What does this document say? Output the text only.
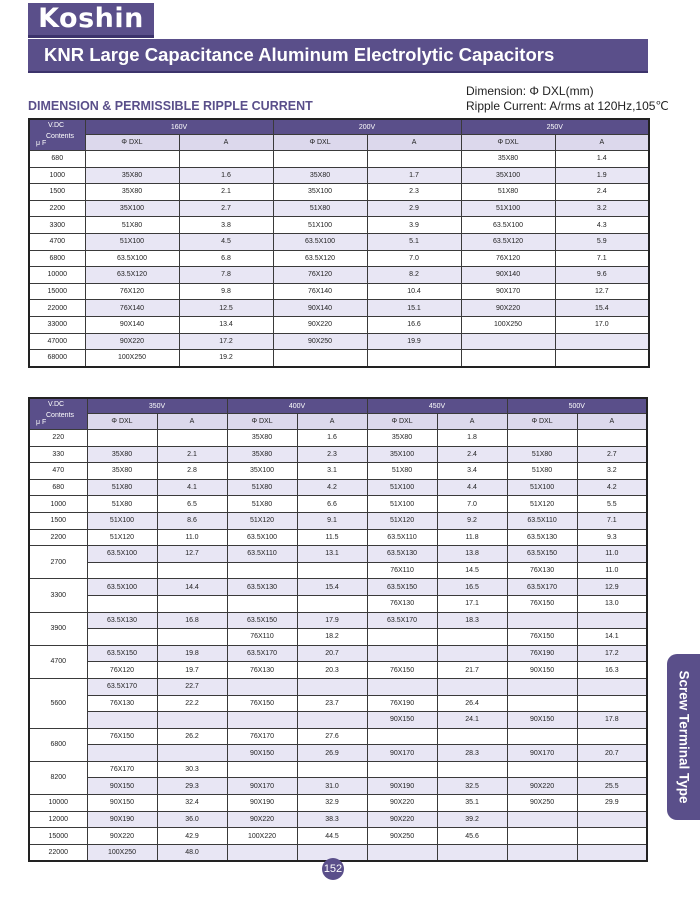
Koshin
KNR Large Capacitance Aluminum Electrolytic Capacitors
Dimension: Φ DXL(mm)
DIMENSION & PERMISSIBLE RIPPLE CURRENT	Ripple Current: A/rms at 120Hz,105℃
V.DC
Contents
μ F	160V		200V		250V	
	Φ DXL	A	Φ DXL	A	Φ DXL	A
680					35X80	1.4
1000	35X80	1.6	35X80	1.7	35X100	1.9
1500	35X80	2.1	35X100	2.3	51X80	2.4
2200	35X100	2.7	51X80	2.9	51X100	3.2
3300	51X80	3.8	51X100	3.9	63.5X100	4.3
4700	51X100	4.5	63.5X100	5.1	63.5X120	5.9
6800	63.5X100	6.8	63.5X120	7.0	76X120	7.1
10000	63.5X120	7.8	76X120	8.2	90X140	9.6
15000	76X120	9.8	76X140	10.4	90X170	12.7
22000	76X140	12.5	90X140	15.1	90X220	15.4
33000	90X140	13.4	90X220	16.6	100X250	17.0
47000	90X220	17.2	90X250	19.9		
68000	100X250	19.2				
V.DC
Contents
μ F	350V		400V		450V		500V	
	Φ DXL	A	Φ DXL	A	Φ DXL	A	Φ DXL	A
220			35X80	1.6	35X80	1.8		
330	35X80	2.1	35X80	2.3	35X100	2.4	51X80	2.7
470	35X80	2.8	35X100	3.1	51X80	3.4	51X80	3.2
680	51X80	4.1	51X80	4.2	51X100	4.4	51X100	4.2
1000	51X80	6.5	51X80	6.6	51X100	7.0	51X120	5.5
1500	51X100	8.6	51X120	9.1	51X120	9.2	63.5X110	7.1
2200	51X120	11.0	63.5X100	11.5	63.5X110	11.8	63.5X130	9.3
2700	63.5X100	12.7	63.5X110	13.1	63.5X130	13.8	63.5X150	11.0
					76X110	14.5	76X130	11.0
3300	63.5X100	14.4	63.5X130	15.4	63.5X150	16.5	63.5X170	12.9
					76X130	17.1	76X150	13.0
3900	63.5X130	16.8	63.5X150	17.9	63.5X170	18.3		
			76X110	18.2			76X150	14.1
4700	63.5X150	19.8	63.5X170	20.7			76X190	17.2
	76X120	19.7	76X130	20.3	76X150	21.7	90X150	16.3
5600	63.5X170	22.7						
	76X130	22.2	76X150	23.7	76X190	26.4		
					90X150	24.1	90X150	17.8
6800	76X150	26.2	76X170	27.6				
			90X150	26.9	90X170	28.3	90X170	20.7
8200	76X170	30.3						
	90X150	29.3	90X170	31.0	90X190	32.5	90X220	25.5
10000	90X150	32.4	90X190	32.9	90X220	35.1	90X250	29.9
12000	90X190	36.0	90X220	38.3	90X220	39.2		
15000	90X220	42.9	100X220	44.5	90X250	45.6		
22000	100X250	48.0						
Screw Terminal Type
152
